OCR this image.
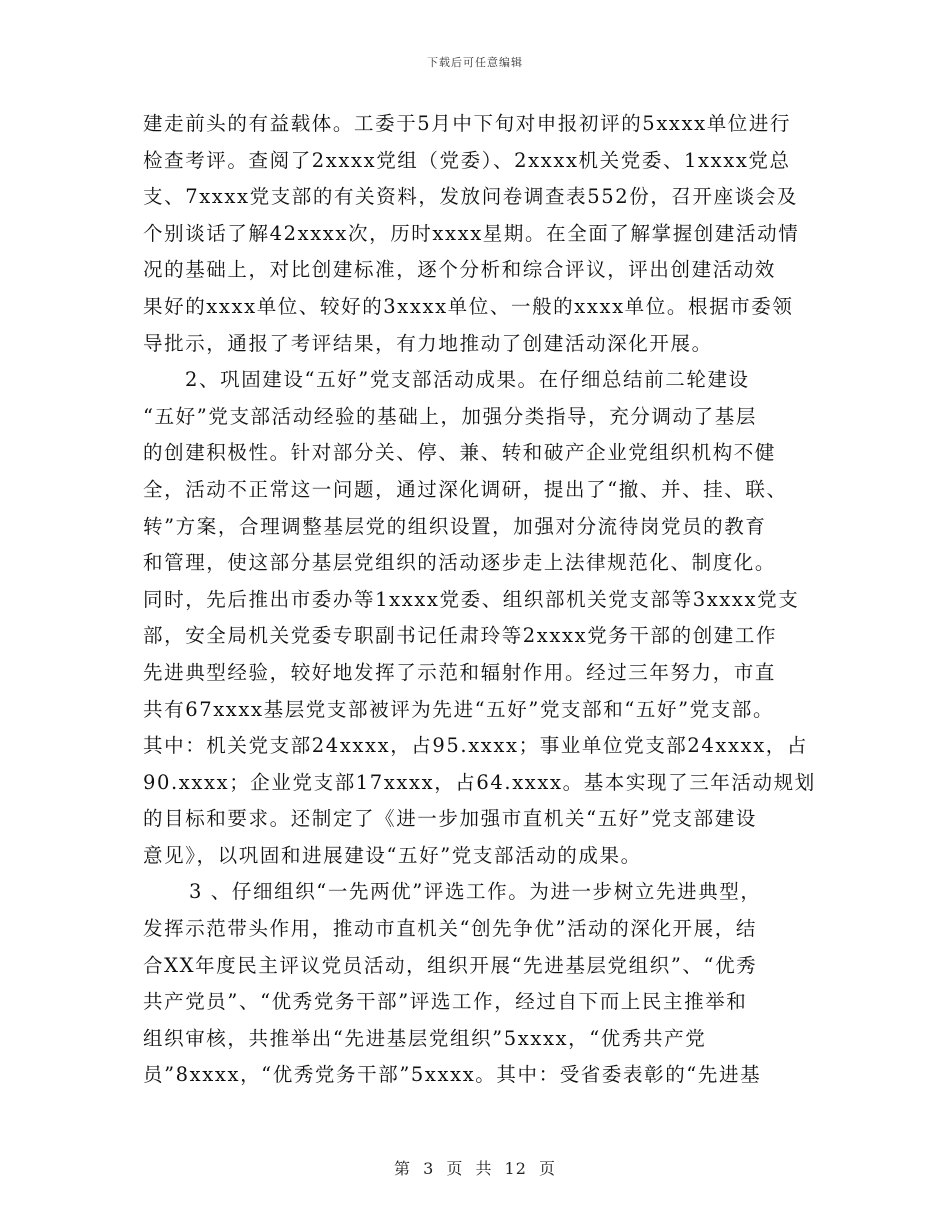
下载后可任意编辑
建走前头的有益载体。工委于5月中下旬对申报初评的5xxxx单位进行
检查考评。查阅了2xxxx党组（党委）、2xxxx机关党委、1xxxx党总
支、7xxxx党支部的有关资料，发放问卷调查表552份，召开座谈会及
个别谈话了解42xxxx次，历时xxxx星期。在全面了解掌握创建活动情
况的基础上，对比创建标准，逐个分析和综合评议，评出创建活动效
果好的xxxx单位、较好的3xxxx单位、一般的xxxx单位。根据市委领
导批示，通报了考评结果，有力地推动了创建活动深化开展。
2、巩固建设“五好”党支部活动成果。在仔细总结前二轮建设
“五好”党支部活动经验的基础上，加强分类指导，充分调动了基层
的创建积极性。针对部分关、停、兼、转和破产企业党组织机构不健
全，活动不正常这一问题，通过深化调研，提出了“撤、并、挂、联、
转”方案，合理调整基层党的组织设置，加强对分流待岗党员的教育
和管理，使这部分基层党组织的活动逐步走上法律规范化、制度化。
同时，先后推出市委办等1xxxx党委、组织部机关党支部等3xxxx党支
部，安全局机关党委专职副书记任肃玲等2xxxx党务干部的创建工作
先进典型经验，较好地发挥了示范和辐射作用。经过三年努力，市直
共有67xxxx基层党支部被评为先进“五好”党支部和“五好”党支部。
其中：机关党支部24xxxx，占95.xxxx；事业单位党支部24xxxx，占
90.xxxx；企业党支部17xxxx，占64.xxxx。基本实现了三年活动规划
的目标和要求。还制定了《进一步加强市直机关“五好”党支部建设
意见》，以巩固和进展建设“五好”党支部活动的成果。
3 、仔细组织“一先两优”评选工作。为进一步树立先进典型，
发挥示范带头作用，推动市直机关“创先争优”活动的深化开展，结
合XX年度民主评议党员活动，组织开展“先进基层党组织”、“优秀
共产党员”、“优秀党务干部”评选工作，经过自下而上民主推举和
组织审核，共推举出“先进基层党组织”5xxxx，“优秀共产党
员”8xxxx，“优秀党务干部”5xxxx。其中：受省委表彰的“先进基
第 3 页 共 12 页
